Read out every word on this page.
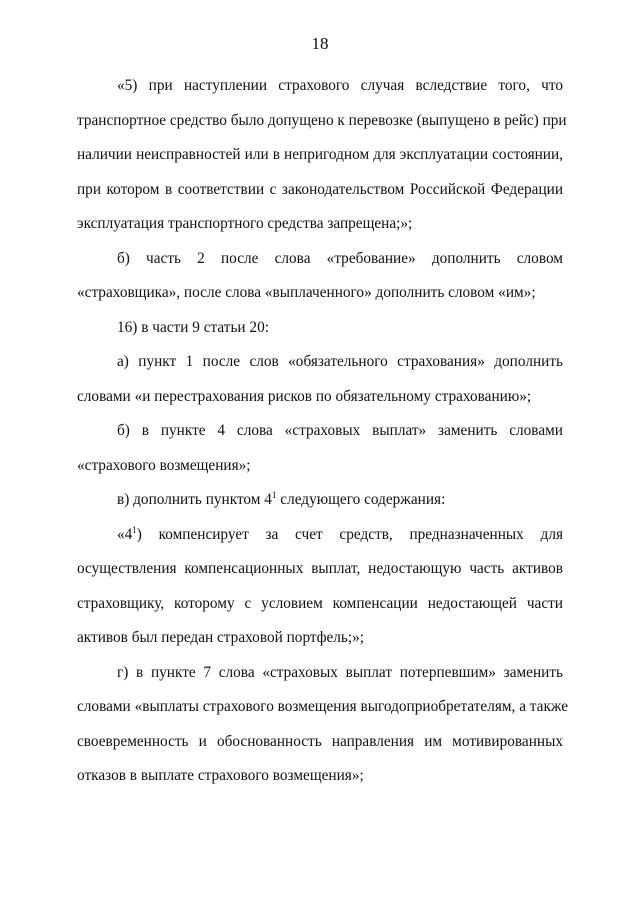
18
«5) при наступлении страхового случая вследствие того, что
транспортное средство было допущено к перевозке (выпущено в рейс) при
наличии неисправностей или в непригодном для эксплуатации состоянии,
при котором в соответствии с законодательством Российской Федерации
эксплуатация транспортного средства запрещена;»;
б) часть 2 после слова «требование» дополнить словом
«страховщика», после слова «выплаченного» дополнить словом «им»;
16) в части 9 статьи 20:
а) пункт 1 после слов «обязательного страхования» дополнить
словами «и перестрахования рисков по обязательному страхованию»;
б) в пункте 4 слова «страховых выплат» заменить словами
«страхового возмещения»;
в) дополнить пунктом $4^1$ следующего содержания:
«$4^1$) компенсирует за счет средств, предназначенных для
осуществления компенсационных выплат, недостающую часть активов
страховщику, которому с условием компенсации недостающей части
активов был передан страховой портфель;»;
г) в пункте 7 слова «страховых выплат потерпевшим» заменить
словами «выплаты страхового возмещения выгодоприобретателям, а также
своевременность и обоснованность направления им мотивированных
отказов в выплате страхового возмещения»;
